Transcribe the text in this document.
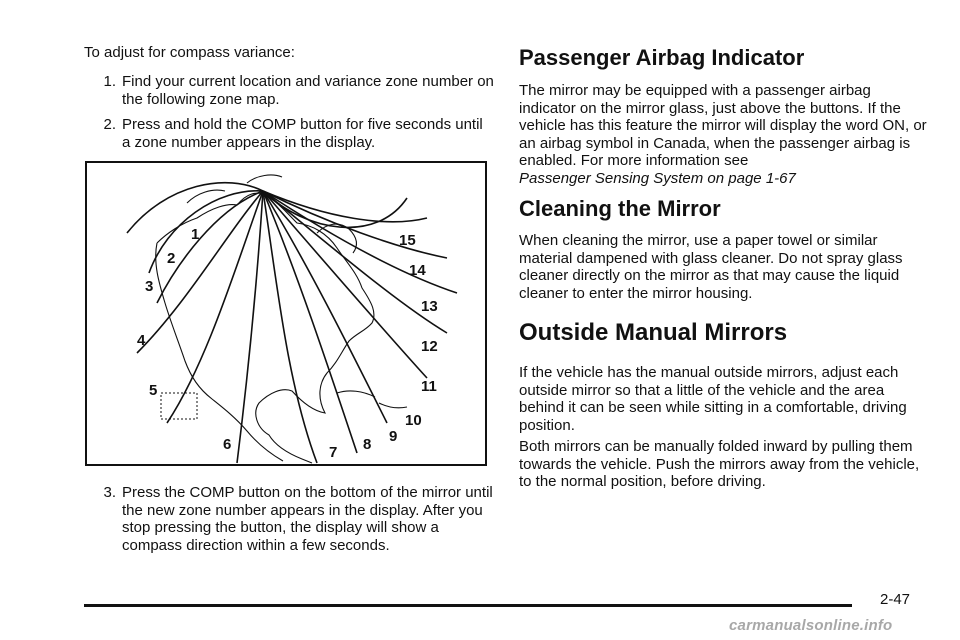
To adjust for compass variance:

1. Find your current location and variance zone number on the following zone map.
2. Press and hold the COMP button for five seconds until a zone number appears in the display.
1
2
3
4
5
6	7 8 9
10
11
12
13
14
15
3. Press the COMP button on the bottom of the mirror until the new zone number appears in the display. After you stop pressing the button, the display will show a compass direction within a few seconds.
Passenger Airbag Indicator

The mirror may be equipped with a passenger airbag indicator on the mirror glass, just above the buttons. If the vehicle has this feature the mirror will display the word ON, or an airbag symbol in Canada, when the passenger airbag is enabled. For more information see

Passenger Sensing System on page 1-67

Cleaning the Mirror

When cleaning the mirror, use a paper towel or similar material dampened with glass cleaner. Do not spray glass cleaner directly on the mirror as that may cause the liquid cleaner to enter the mirror housing.

Outside Manual Mirrors

If the vehicle has the manual outside mirrors, adjust each outside mirror so that a little of the vehicle and the area behind it can be seen while sitting in a comfortable, driving position.

Both mirrors can be manually folded inward by pulling them towards the vehicle. Push the mirrors away from the vehicle, to the normal position, before driving.

2-47
carmanualsonline.info
